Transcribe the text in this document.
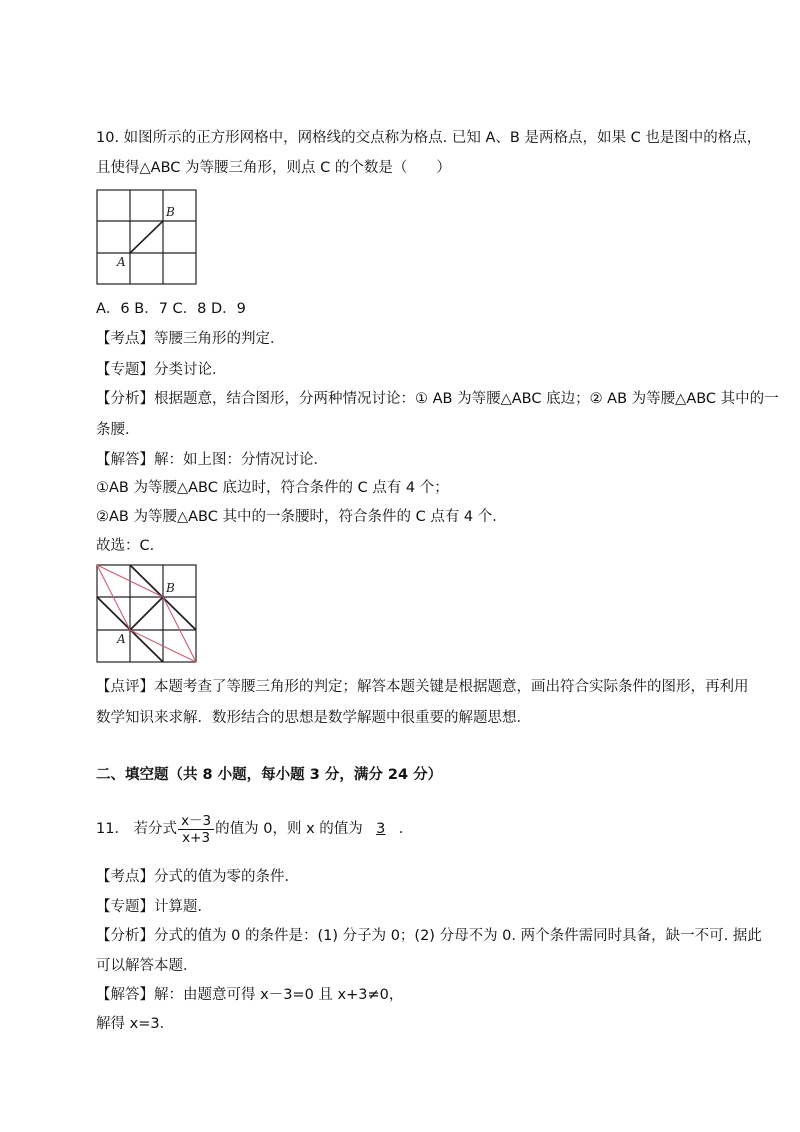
10. 如图所示的正方形网格中，网格线的交点称为格点. 已知 A、B 是两格点，如果 C 也是图中的格点，
且使得△ABC 为等腰三角形，则点 C 的个数是（　　）
B
A
A．6 B．7 C．8 D．9
【考点】等腰三角形的判定．
【专题】分类讨论．
【分析】根据题意，结合图形，分两种情况讨论：① AB 为等腰△ABC 底边；② AB 为等腰△ABC 其中的一
条腰．
【解答】解：如上图：分情况讨论．
①AB 为等腰△ABC 底边时，符合条件的 C 点有 4 个；
②AB 为等腰△ABC 其中的一条腰时，符合条件的 C 点有 4 个．
故选：C．
B
A
【点评】本题考查了等腰三角形的判定；解答本题关键是根据题意，画出符合实际条件的图形，再利用
数学知识来求解．数形结合的思想是数学解题中很重要的解题思想．
二、填空题（共 8 小题，每小题 3 分，满分 24 分）
11． 若分式 $\frac{x-3}{x+3}$ 的值为 0，则 x 的值为 3 ．
【考点】分式的值为零的条件．
【专题】计算题．
【分析】分式的值为 0 的条件是：(1) 分子为 0；(2) 分母不为 0. 两个条件需同时具备，缺一不可. 据此
可以解答本题．
【解答】解：由题意可得 x－3=0 且 x+3≠0，
解得 x=3．
